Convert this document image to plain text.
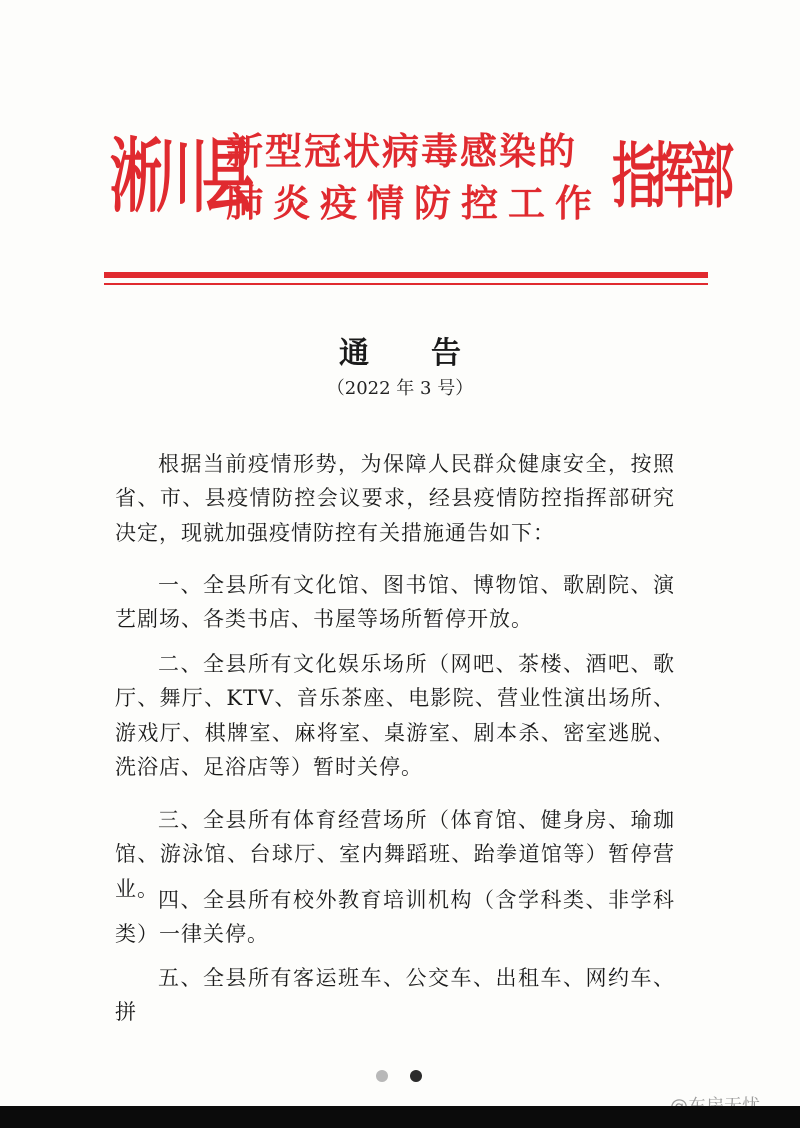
淅川县
新型冠状病毒感染的
肺炎疫情防控工作 指挥部
通告
（2022 年 3 号）
根据当前疫情形势，为保障人民群众健康安全，按照省、市、县疫情防控会议要求，经县疫情防控指挥部研究决定，现就加强疫情防控有关措施通告如下：
一、全县所有文化馆、图书馆、博物馆、歌剧院、演艺剧场、各类书店、书屋等场所暂停开放。
二、全县所有文化娱乐场所（网吧、茶楼、酒吧、歌厅、舞厅、KTV、音乐茶座、电影院、营业性演出场所、游戏厅、棋牌室、麻将室、桌游室、剧本杀、密室逃脱、洗浴店、足浴店等）暂时关停。
三、全县所有体育经营场所（体育馆、健身房、瑜珈馆、游泳馆、台球厅、室内舞蹈班、跆拳道馆等）暂停营业。 四、全县所有校外教育培训机构（含学科类、非学科类）一律关停。
五、全县所有客运班车、公交车、出租车、网约车、拼
